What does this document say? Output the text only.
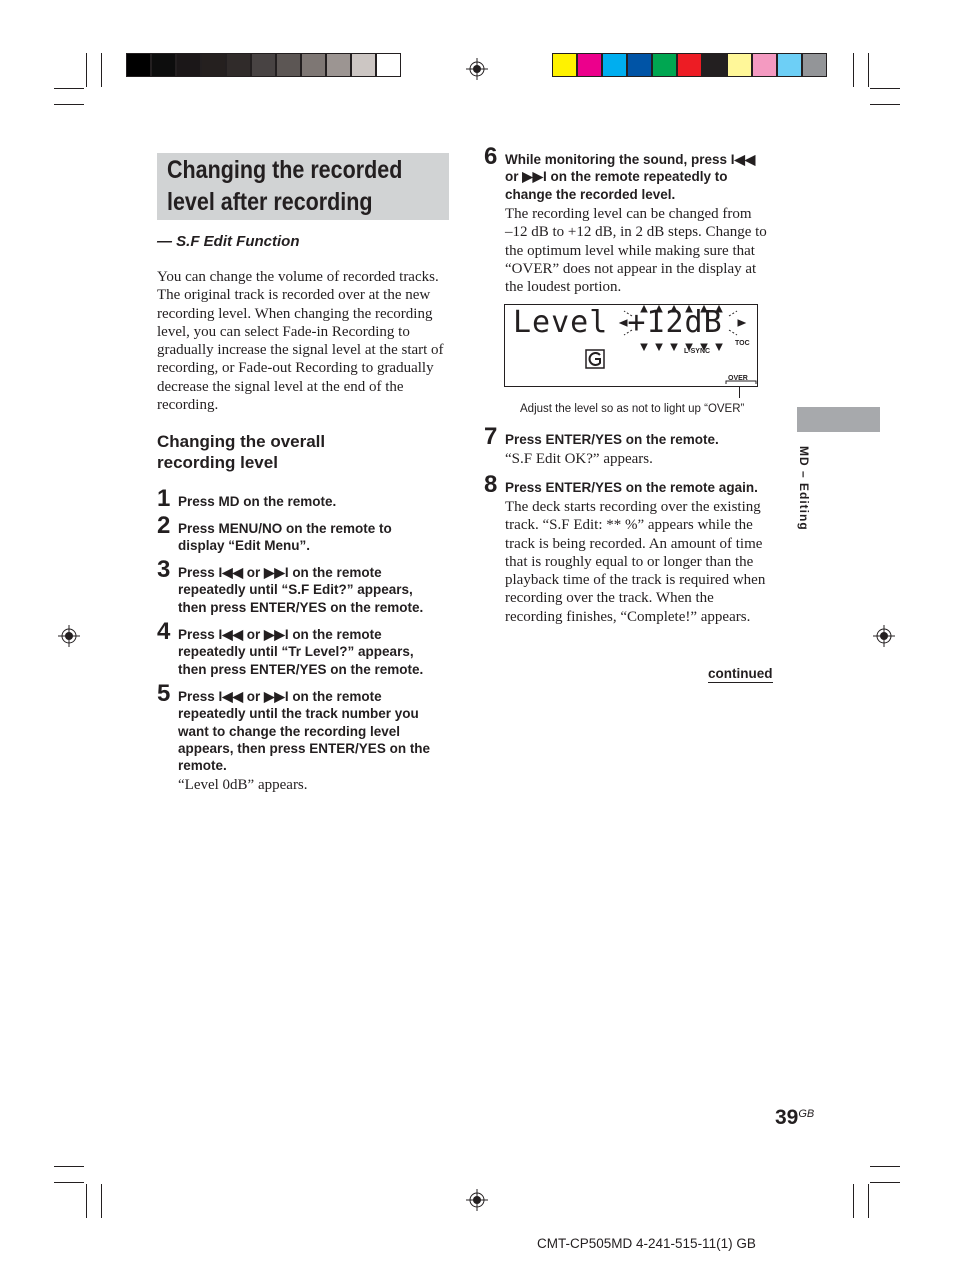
Changing the recorded
level after recording
— S.F Edit Function
You can change the volume of recorded tracks.
The original track is recorded over at the new
recording level. When changing the recording
level, you can select Fade-in Recording to
gradually increase the signal level at the start of
recording, or Fade-out Recording to gradually
decrease the signal level at the end of the
recording.
Changing the overall
recording level
1 Press MD on the remote.
2 Press MENU/NO on the remote to
display “Edit Menu”.
3 Press I◀◀ or ▶▶I on the remote
repeatedly until “S.F Edit?” appears,
then press ENTER/YES on the remote.
4 Press I◀◀ or ▶▶I on the remote
repeatedly until “Tr Level?” appears,
then press ENTER/YES on the remote.
5 Press I◀◀ or ▶▶I on the remote
repeatedly until the track number you
want to change the recording level
appears, then press ENTER/YES on the
remote.
“Level 0dB” appears.
6 While monitoring the sound, press I◀◀
or ▶▶I on the remote repeatedly to
change the recorded level.
The recording level can be changed from
–12 dB to +12 dB, in 2 dB steps. Change to
the optimum level while making sure that
“OVER” does not appear in the display at
the loudest portion.
TOC
L-SYNC
OVER
Level +12dB
Adjust the level so as not to light up “OVER”
7 Press ENTER/YES on the remote.
“S.F Edit OK?” appears.
8 Press ENTER/YES on the remote again.
The deck starts recording over the existing
track. “S.F Edit: ** %” appears while the
track is being recorded. An amount of time
that is roughly equal to or longer than the
playback time of the track is required when
recording over the track. When the
recording finishes, “Complete!” appears.
continued
MD – Editing
$39^{GB}$
CMT-CP505MD 4-241-515-11(1) GB
